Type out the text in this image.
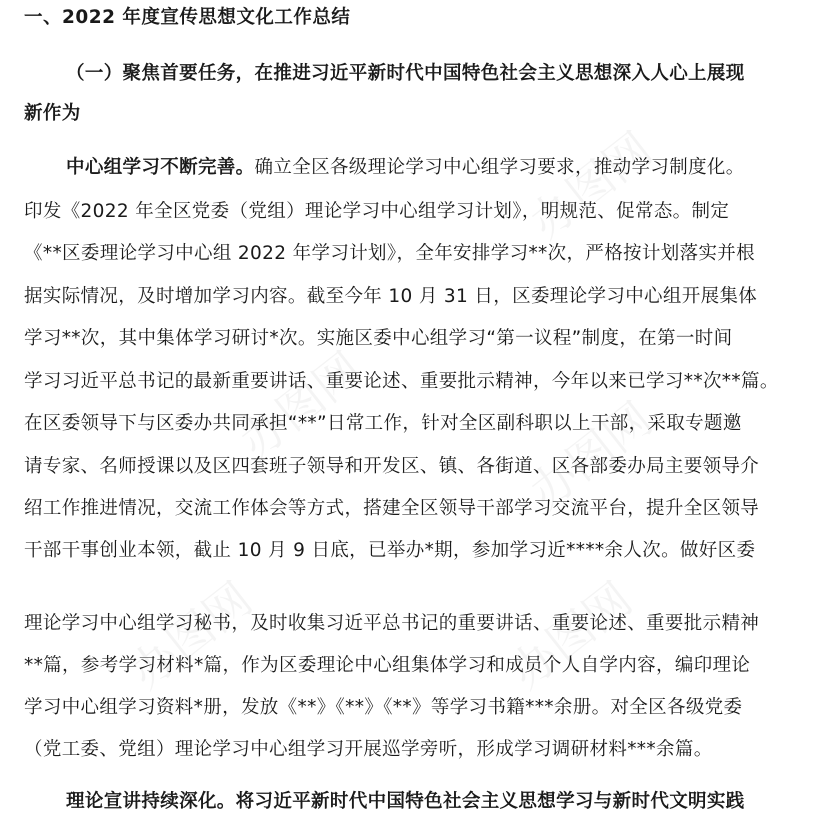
一、2022 年度宣传思想文化工作总结
（一）聚焦首要任务，在推进习近平新时代中国特色社会主义思想深入人心上展现
新作为
中心组学习不断完善。确立全区各级理论学习中心组学习要求，推动学习制度化。
印发《2022 年全区党委（党组）理论学习中心组学习计划》，明规范、促常态。制定
《**区委理论学习中心组 2022 年学习计划》，全年安排学习**次，严格按计划落实并根
据实际情况，及时增加学习内容。截至今年 10 月 31 日，区委理论学习中心组开展集体
学习**次，其中集体学习研讨*次。实施区委中心组学习“第一议程”制度，在第一时间
学习习近平总书记的最新重要讲话、重要论述、重要批示精神，今年以来已学习**次**篇。
在区委领导下与区委办共同承担“**”日常工作，针对全区副科职以上干部，采取专题邀
请专家、名师授课以及区四套班子领导和开发区、镇、各街道、区各部委办局主要领导介
绍工作推进情况，交流工作体会等方式，搭建全区领导干部学习交流平台，提升全区领导
干部干事创业本领，截止 10 月 9 日底，已举办*期，参加学习近****余人次。做好区委
理论学习中心组学习秘书，及时收集习近平总书记的重要讲话、重要论述、重要批示精神
**篇，参考学习材料*篇，作为区委理论中心组集体学习和成员个人自学内容，编印理论
学习中心组学习资料*册，发放《**》《**》《**》等学习书籍***余册。对全区各级党委
（党工委、党组）理论学习中心组学习开展巡学旁听，形成学习调研材料***余篇。
理论宣讲持续深化。将习近平新时代中国特色社会主义思想学习与新时代文明实践
